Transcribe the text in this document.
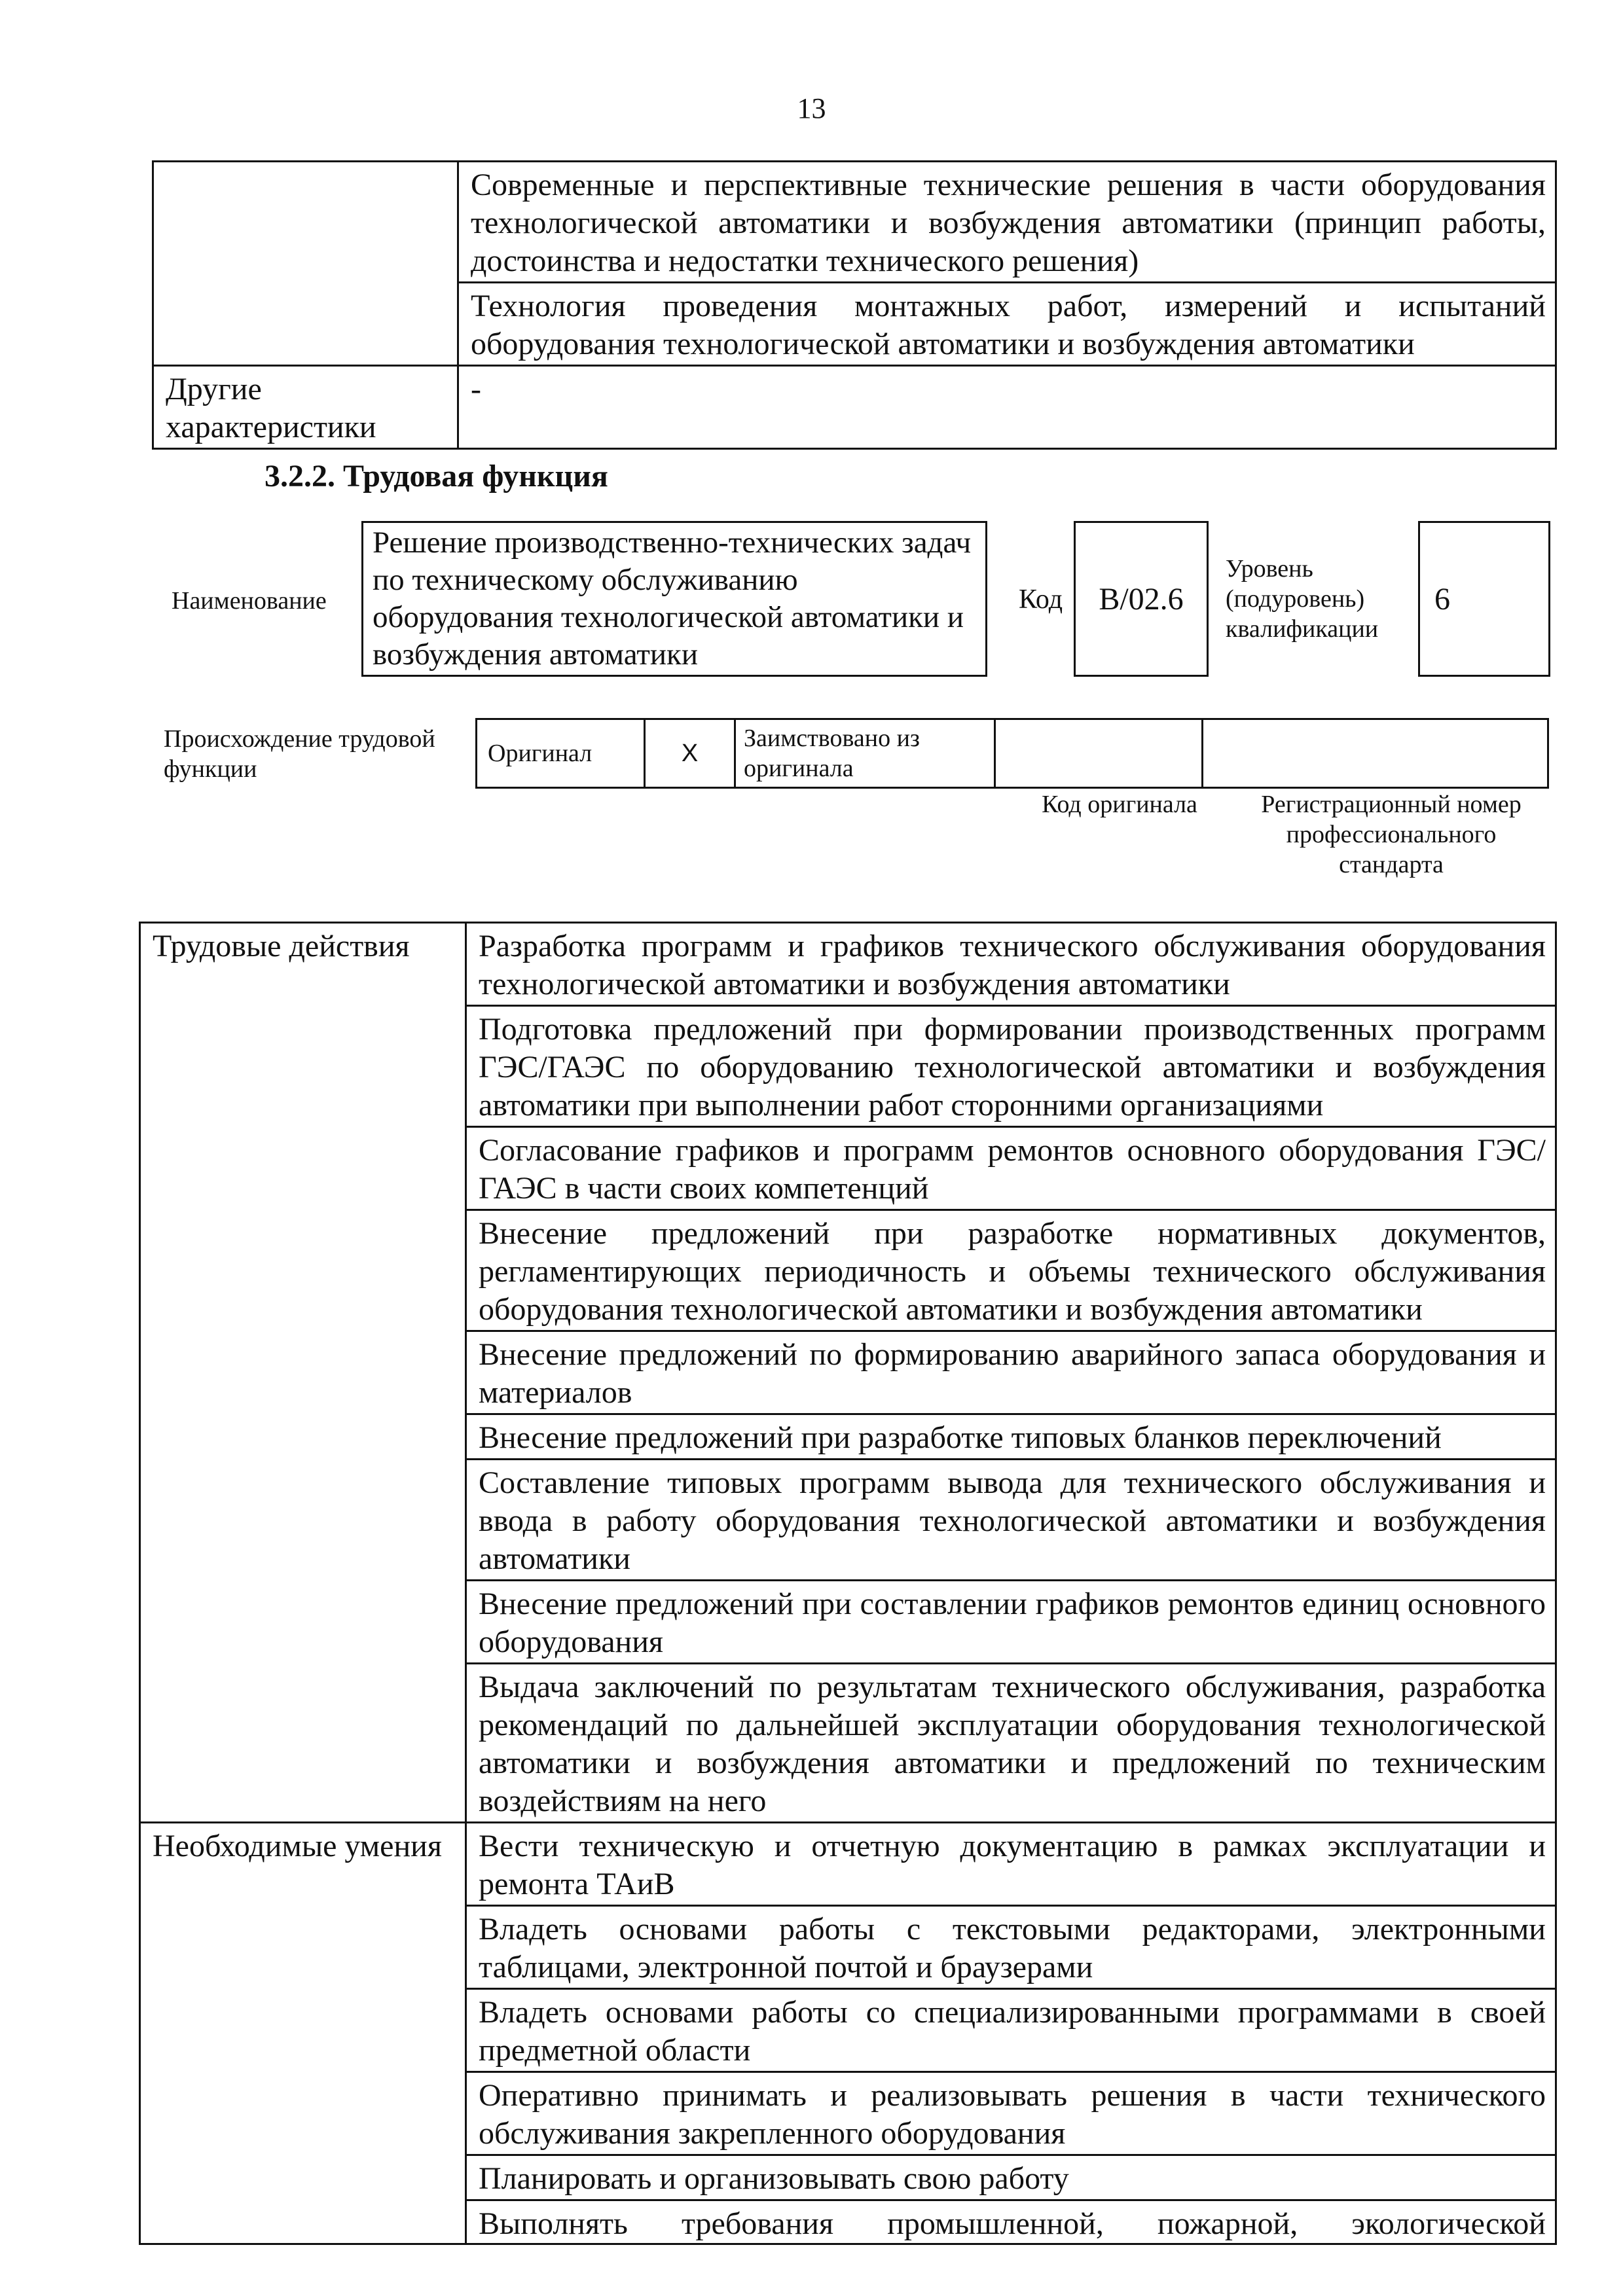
13
	Современные и перспективные технические решения в части оборудования технологической автоматики и возбуждения автоматики (принцип работы, достоинства и недостатки технического решения)
	Технология проведения монтажных работ, измерений и испытаний оборудования технологической автоматики и возбуждения автоматики
Другие характеристики	-
3.2.2. Трудовая функция
Наименование
Решение производственно-технических задач по техническому обслуживанию оборудования технологической автоматики и возбуждения автоматики
Код	B/02.6
Уровень (подуровень) квалификации
6
Происхождение трудовой функции
Оригинал	X
Заимствовано из оригинала
Код оригинала	Регистрационный номер профессионального стандарта
Трудовые действия	Разработка программ и графиков технического обслуживания оборудования технологической автоматики и возбуждения автоматики
	Подготовка предложений при формировании производственных программ ГЭС/ГАЭС по оборудованию технологической автоматики и возбуждения автоматики при выполнении работ сторонними организациями
	Согласование графиков и программ ремонтов основного оборудования ГЭС/ГАЭС в части своих компетенций
	Внесение предложений при разработке нормативных документов, регламентирующих периодичность и объемы технического обслуживания оборудования технологической автоматики и возбуждения автоматики
	Внесение предложений по формированию аварийного запаса оборудования и материалов
	Внесение предложений при разработке типовых бланков переключений
	Составление типовых программ вывода для технического обслуживания и ввода в работу оборудования технологической автоматики и возбуждения автоматики
	Внесение предложений при составлении графиков ремонтов единиц основного оборудования
	Выдача заключений по результатам технического обслуживания, разработка рекомендаций по дальнейшей эксплуатации оборудования технологической автоматики и возбуждения автоматики и предложений по техническим воздействиям на него
Необходимые умения	Вести техническую и отчетную документацию в рамках эксплуатации и ремонта ТАиВ
	Владеть основами работы с текстовыми редакторами, электронными таблицами, электронной почтой и браузерами
	Владеть основами работы со специализированными программами в своей предметной области
	Оперативно принимать и реализовывать решения в части технического обслуживания закрепленного оборудования
	Планировать и организовывать свою работу
	Выполнять требования промышленной, пожарной, экологической
